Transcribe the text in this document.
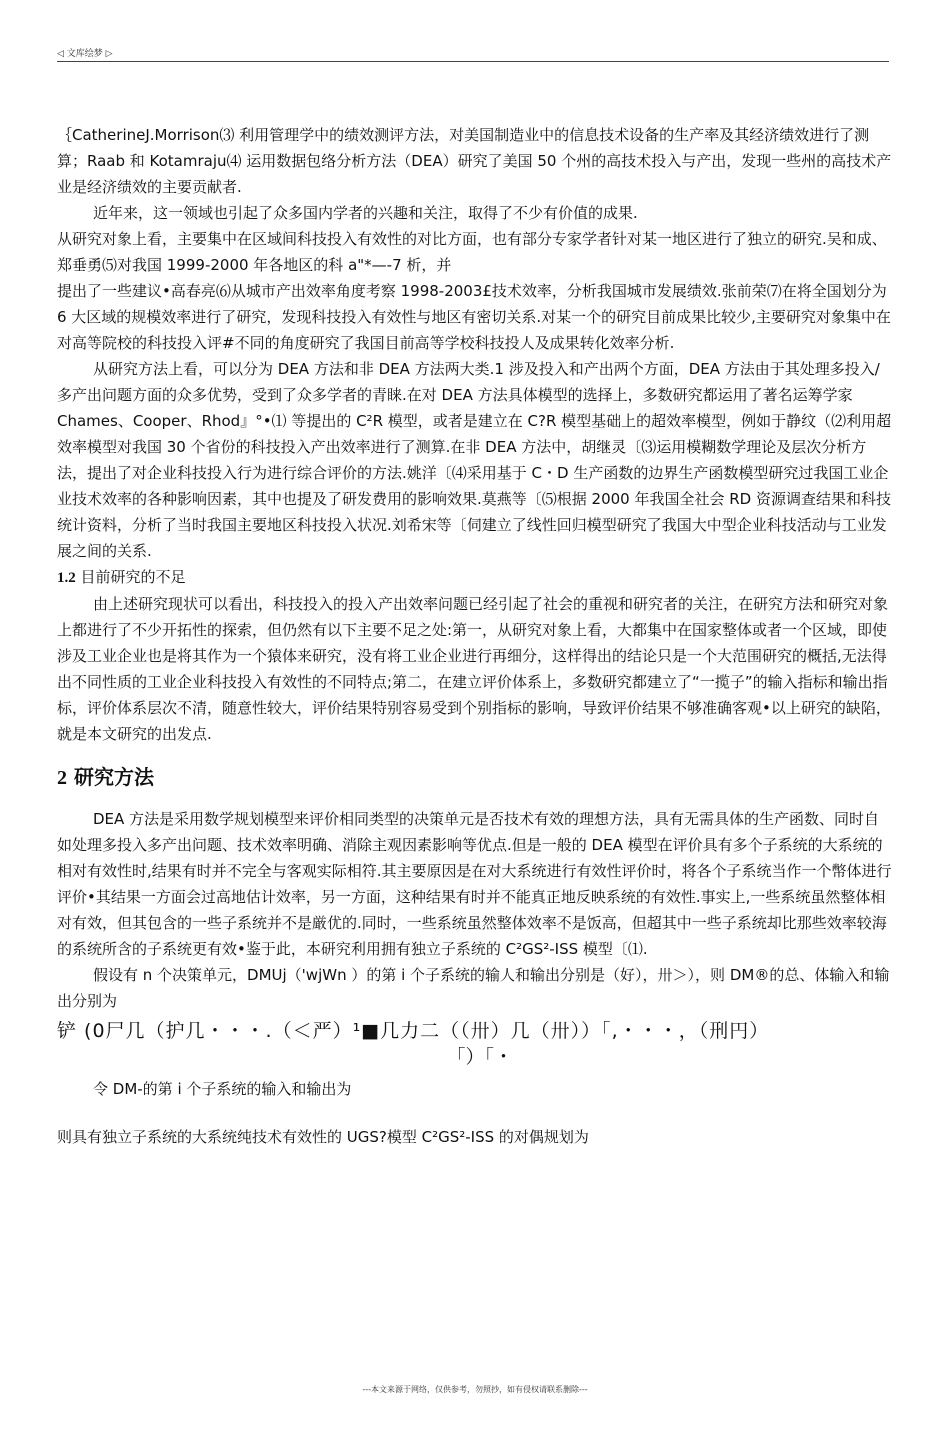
◁ 文库绘梦 ▷

｛CatherineJ.Morrison⑶ 利用管理学中的绩效测评方法，对美国制造业中的信息技术设备的生产率及其经济绩效进行了测算；Raab 和 Kotamraju⑷ 运用数据包络分析方法（DEA）研究了美国 50 个州的高技术投入与产出，发现一些州的高技术产业是经济绩效的主要贡献者.

近年来，这一领域也引起了众多国内学者的兴趣和关注，取得了不少有价值的成果.

从研究对象上看，主要集中在区域间科技投入有效性的对比方面，也有部分专家学者针对某一地区进行了独立的研究.吴和成、郑垂勇⑸对我国 1999-2000 年各地区的科 a"*—-7 析，并

提出了一些建议•高春亮⑹从城市产出效率角度考察 1998-2003£技术效率，分析我国城市发展绩效.张前荣⑺在将全国划分为 6 大区域的规模效率进行了研究，发现科技投入有效性与地区有密切关系.对某一个的研究目前成果比较少,主要研究对象集中在对高等院校的科技投入评#不同的角度研究了我国目前高等学校科技投人及成果转化效率分析.

从研究方法上看，可以分为 DEA 方法和非 DEA 方法两大类.1 涉及投入和产出两个方面，DEA 方法由于其处理多投入/多产出问题方面的众多优势，受到了众多学者的青睐.在对 DEA 方法具体模型的选择上，多数研究都运用了著名运筹学家 Chames、Cooper、Rhod』°•⑴ 等提出的 C²R 模型，或者是建立在 C?R 模型基础上的超效率模型，例如于静纹（⑵利用超效率模型对我国 30 个省份的科技投入产出效率进行了测算.在非 DEA 方法中，胡继灵〔⑶运用模糊数学理论及层次分析方法，提出了对企业科技投入行为进行综合评价的方法.姚洋〔⑷采用基于 C・D 生产函数的边界生产函数模型研究过我国工业企业技术效率的各种影响因素，其中也提及了研发费用的影响效果.莫燕等〔⑸根据 2000 年我国全社会 RD 资源调查结果和科技统计资料，分析了当时我国主要地区科技投入状况.刘希宋等〔伺建立了线性回归模型研究了我国大中型企业科技活动与工业发展之间的关系.

1.2 目前研究的不足

由上述研究现状可以看出，科技投入的投入产出效率问题已经引起了社会的重视和研究者的关注，在研究方法和研究对象上都进行了不少开拓性的探索，但仍然有以下主要不足之处:第一，从研究对象上看，大都集中在国家整体或者一个区域，即使涉及工业企业也是将其作为一个猿体来研究，没有将工业企业进行再细分，这样得出的结论只是一个大范围研究的概括,无法得出不同性质的工业企业科技投入有效性的不同特点;第二，在建立评价体系上，多数研究都建立了“一揽子”的输入指标和输出指标，评价体系层次不清，随意性较大，评价结果特别容易受到个别指标的影响，导致评价结果不够准确客观•以上研究的缺陷，就是本文研究的出发点.

2 研究方法

DEA 方法是采用数学规划模型来评价相同类型的决策单元是否技术有效的理想方法，具有无需具体的生产函数、同时自如处理多投入多产出问题、技术效率明确、消除主观因素影响等优点.但是一般的 DEA 模型在评价具有多个子系统的大系统的相对有效性时,结果有时并不完全与客观实际相符.其主要原因是在对大系统进行有效性评价时，将各个子系统当作一个幣体进行评价•其结果一方面会过高地估计效率，另一方面，这种结果有时并不能真正地反映系统的有效性.事实上,一些系统虽然整体相对有效，但其包含的一些子系统并不是厳优的.同时，一些系统虽然整体效率不是饭高，但超其中一些子系统却比那些效率较海的系统所含的子系统更有效•鉴于此，本研究利用拥有独立子系统的 C²GS²-ISS 模型〔⑴.

假设有 n 个决策单元，DMUj（'wjWn ）的第 i 个子系统的输人和输出分别是（好），卅＞），则 DM®的总、体输入和输出分别为

铲 (0尸几（护几・・・.（＜严）¹■几力二（（卅）几（卅））「,・・・，（刑円）

「）「・

令 DM-的第 i 个子系统的输入和输出为

则具有独立子系统的大系统纯技术有效性的 UGS?模型 C²GS²-ISS 的对偶规划为

---本文来源于网络，仅供参考，勿照抄，如有侵权请联系删除---
